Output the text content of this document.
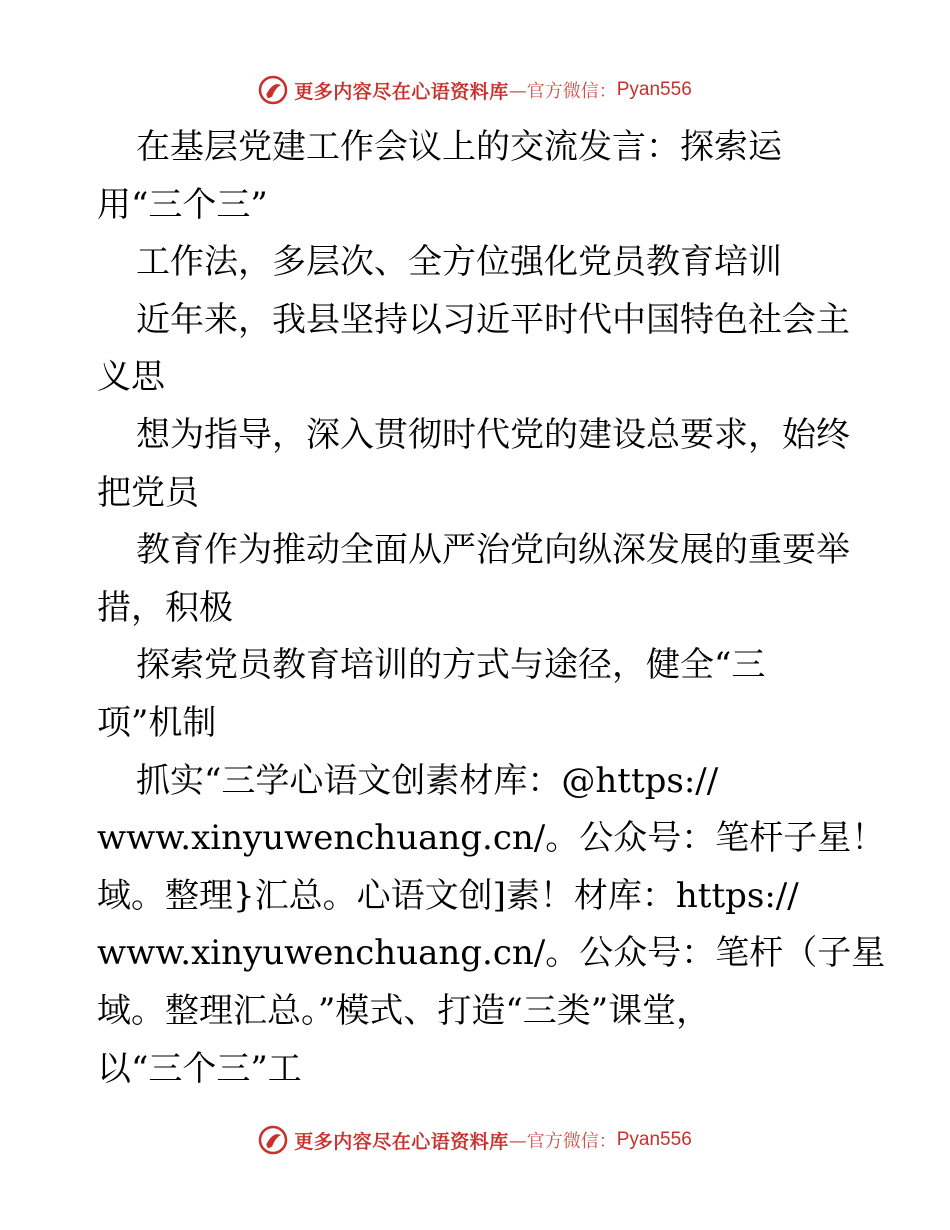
更多内容尽在心语资料库 —官方微信： Pyan556
在基层党建工作会议上的交流发言：探索运
用“三个三”
工作法，多层次、全方位强化党员教育培训
近年来，我县坚持以习近平时代中国特色社会主
义思
想为指导，深入贯彻时代党的建设总要求，始终
把党员
教育作为推动全面从严治党向纵深发展的重要举
措，积极
探索党员教育培训的方式与途径，健全“三
项”机制
抓实“三学心语文创素材库：@https://
www.xinyuwenchuang.cn/。公众号：笔杆子星！
域。整理}汇总。心语文创]素！材库：https://
www.xinyuwenchuang.cn/。公众号：笔杆（子星
域。整理汇总。”模式、打造“三类”课堂，
以“三个三”工
更多内容尽在心语资料库 —官方微信： Pyan556
